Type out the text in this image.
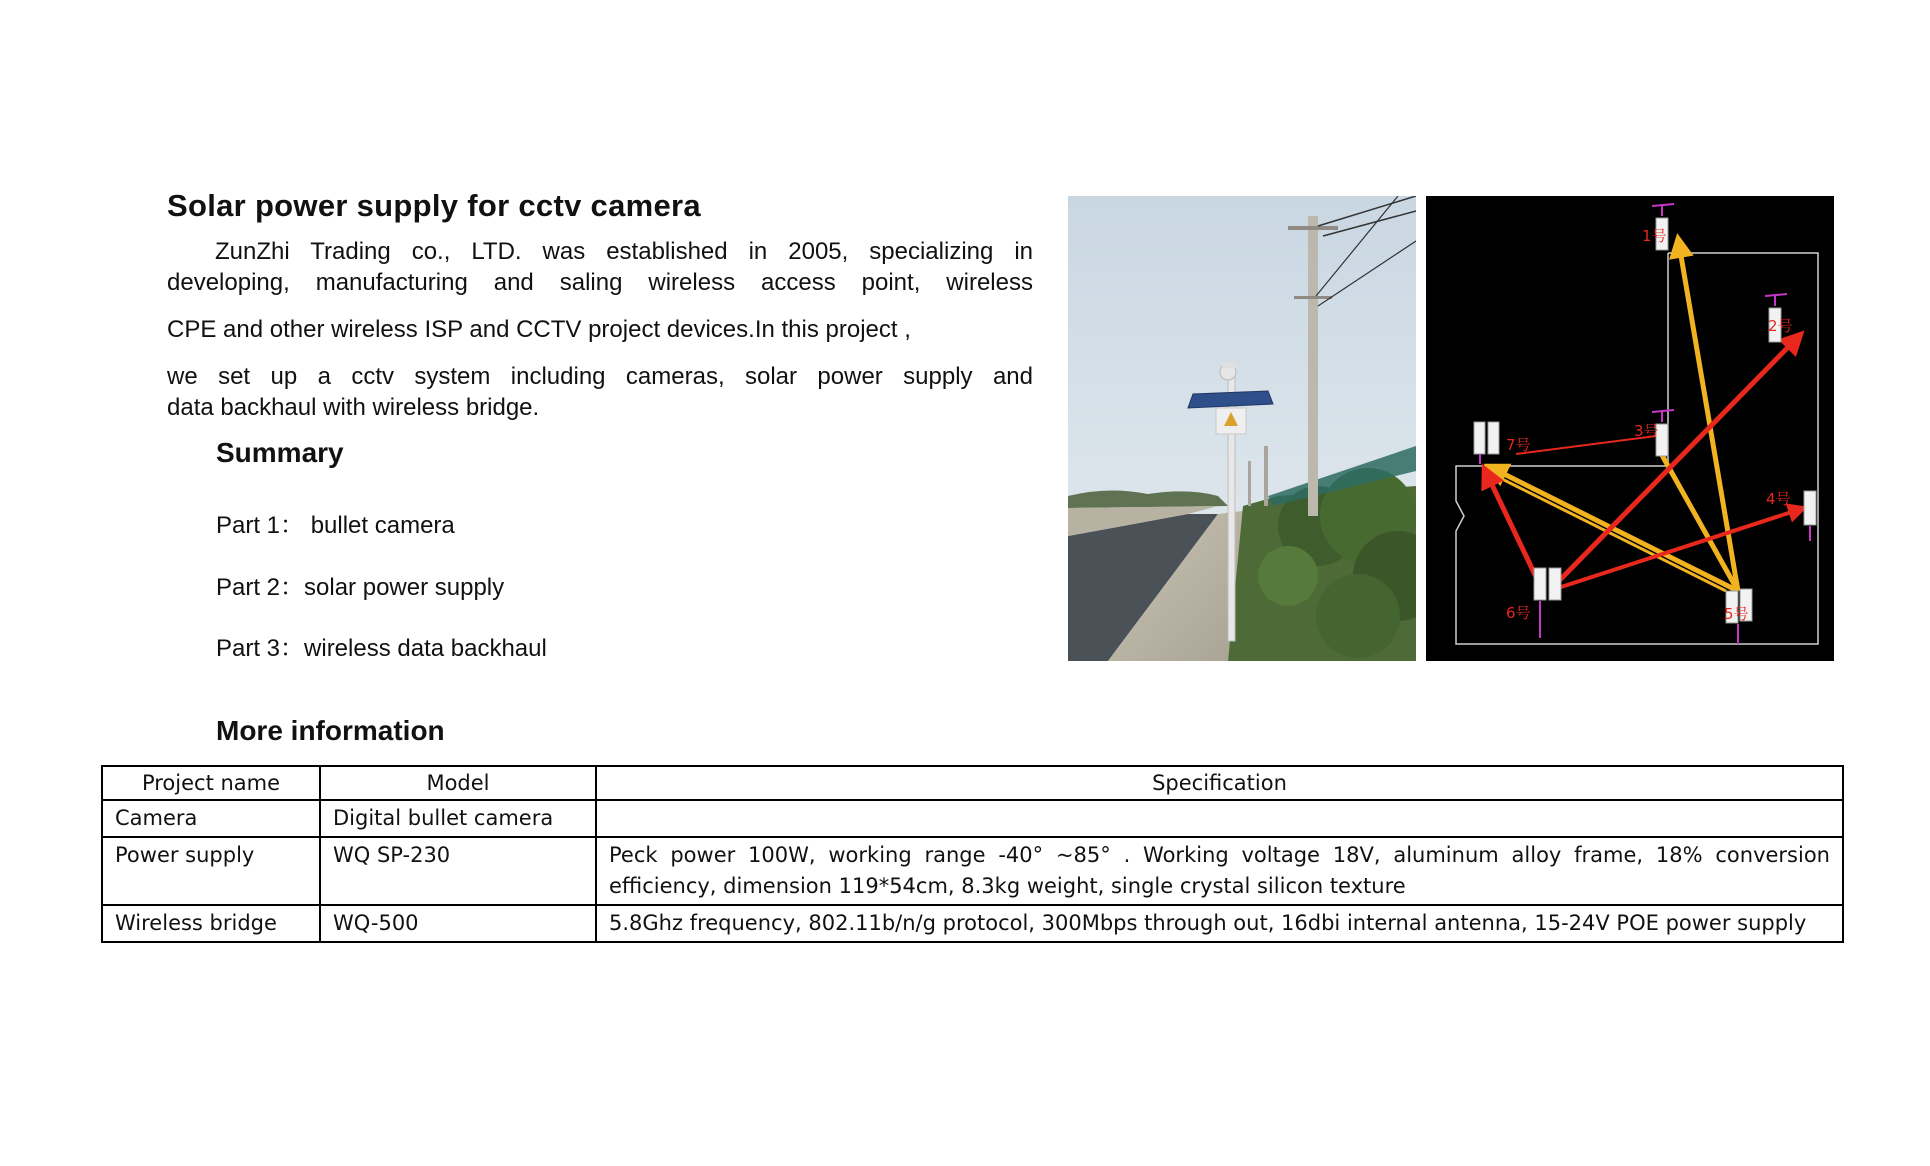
Solar power supply for cctv camera

ZunZhi Trading co., LTD. was established in 2005, specializing in
developing, manufacturing and saling wireless access point, wireless
CPE and other wireless ISP and CCTV project devices.In this project ,
we set up a cctv system including cameras, solar power supply and
data backhaul with wireless bridge.

Summary
Part 1： bullet camera
Part 2：solar power supply
Part 3：wireless data backhaul
1号
2号
3号
4号
5号
6号
7号
More information
Project name	Model	Specification
Camera	Digital bullet camera	
Power supply	WQ SP-230	Peck power 100W, working range -40° ~85° . Working voltage 18V, aluminum alloy frame, 18% conversion efficiency, dimension 119*54cm, 8.3kg weight, single crystal silicon texture
Wireless bridge	WQ-500	5.8Ghz frequency, 802.11b/n/g protocol, 300Mbps through out, 16dbi internal antenna, 15-24V POE power supply
